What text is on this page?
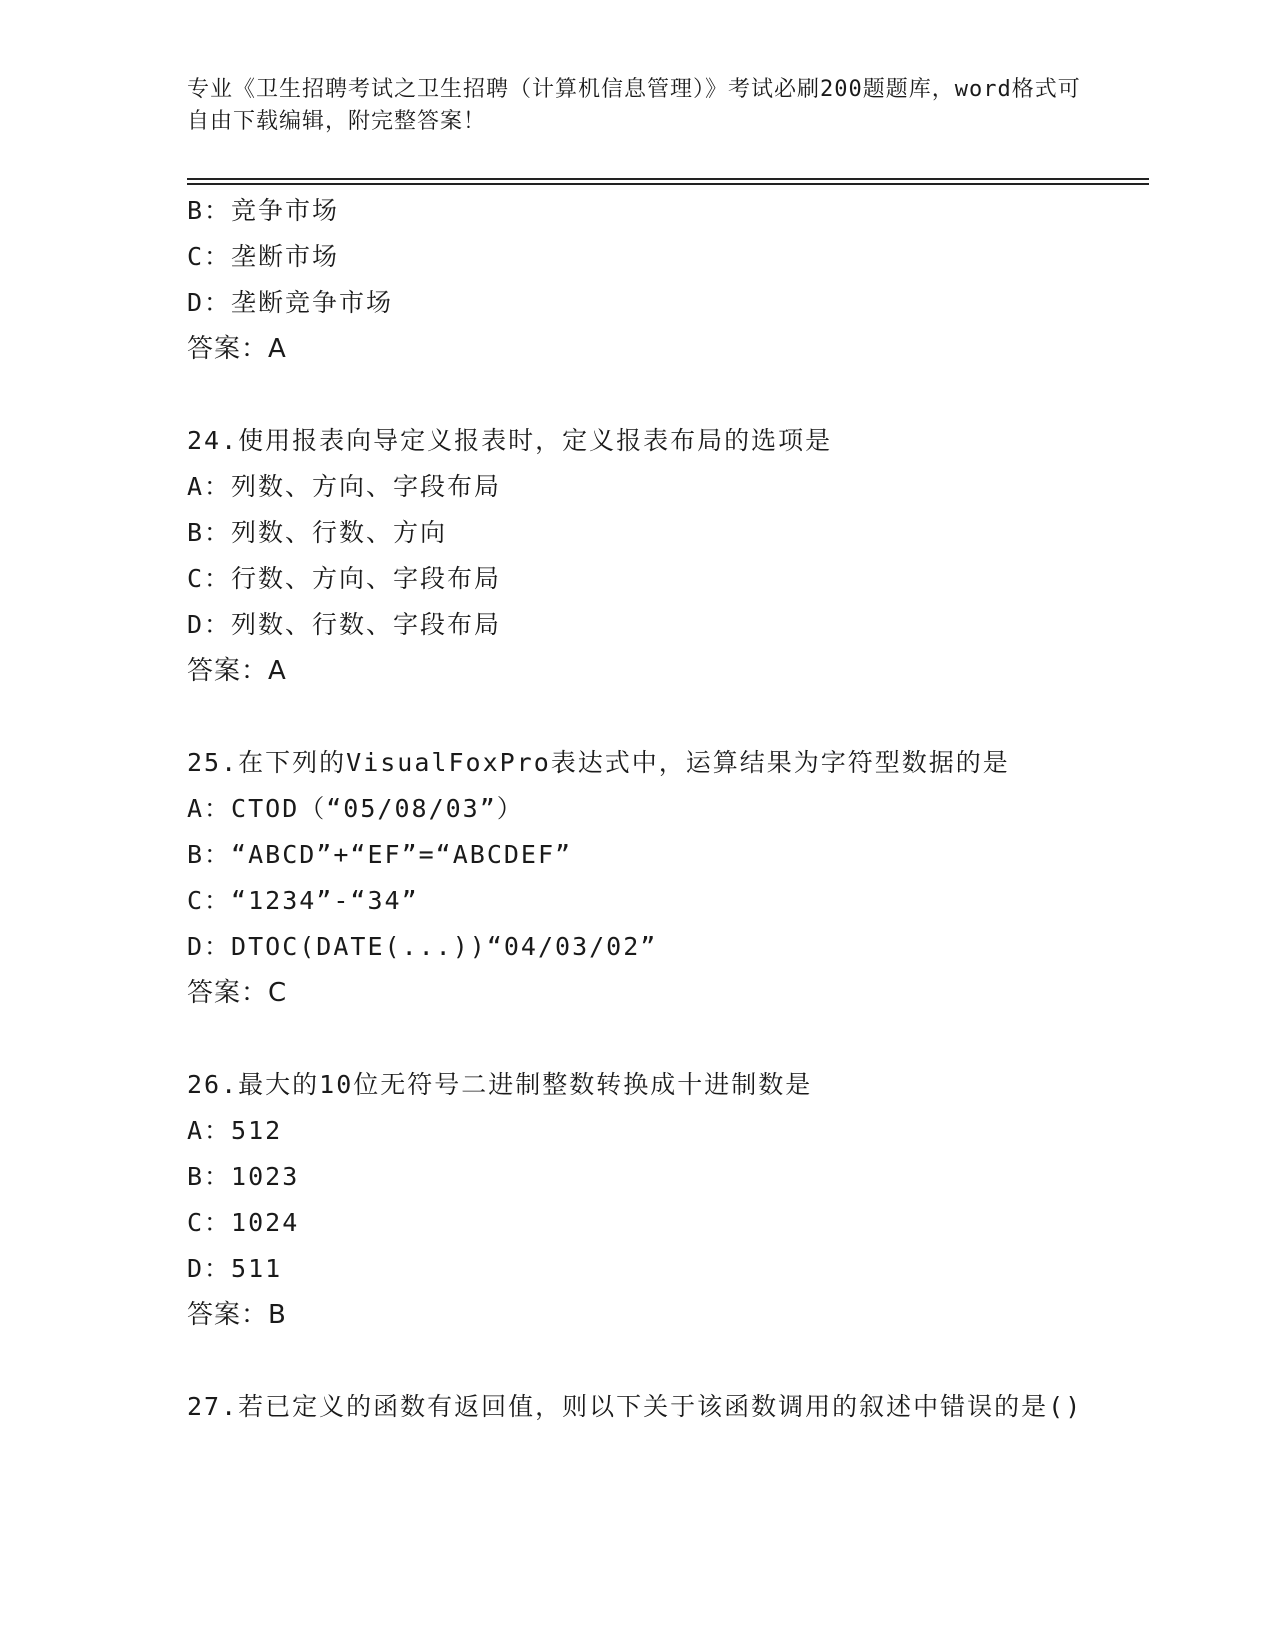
专业《卫生招聘考试之卫生招聘（计算机信息管理）》考试必刷200题题库，word格式可自由下载编辑，附完整答案！
B：竞争市场
C：垄断市场
D：垄断竞争市场
答案：A
24.使用报表向导定义报表时，定义报表布局的选项是
A：列数、方向、字段布局
B：列数、行数、方向
C：行数、方向、字段布局
D：列数、行数、字段布局
答案：A
25.在下列的VisualFoxPro表达式中，运算结果为字符型数据的是
A：CTOD（“05/08/03”）
B：“ABCD”+“EF”=“ABCDEF”
C：“1234”-“34”
D：DTOC(DATE(...))“04/03/02”
答案：C
26.最大的10位无符号二进制整数转换成十进制数是
A：512
B：1023
C：1024
D：511
答案：B
27.若已定义的函数有返回值，则以下关于该函数调用的叙述中错误的是()
